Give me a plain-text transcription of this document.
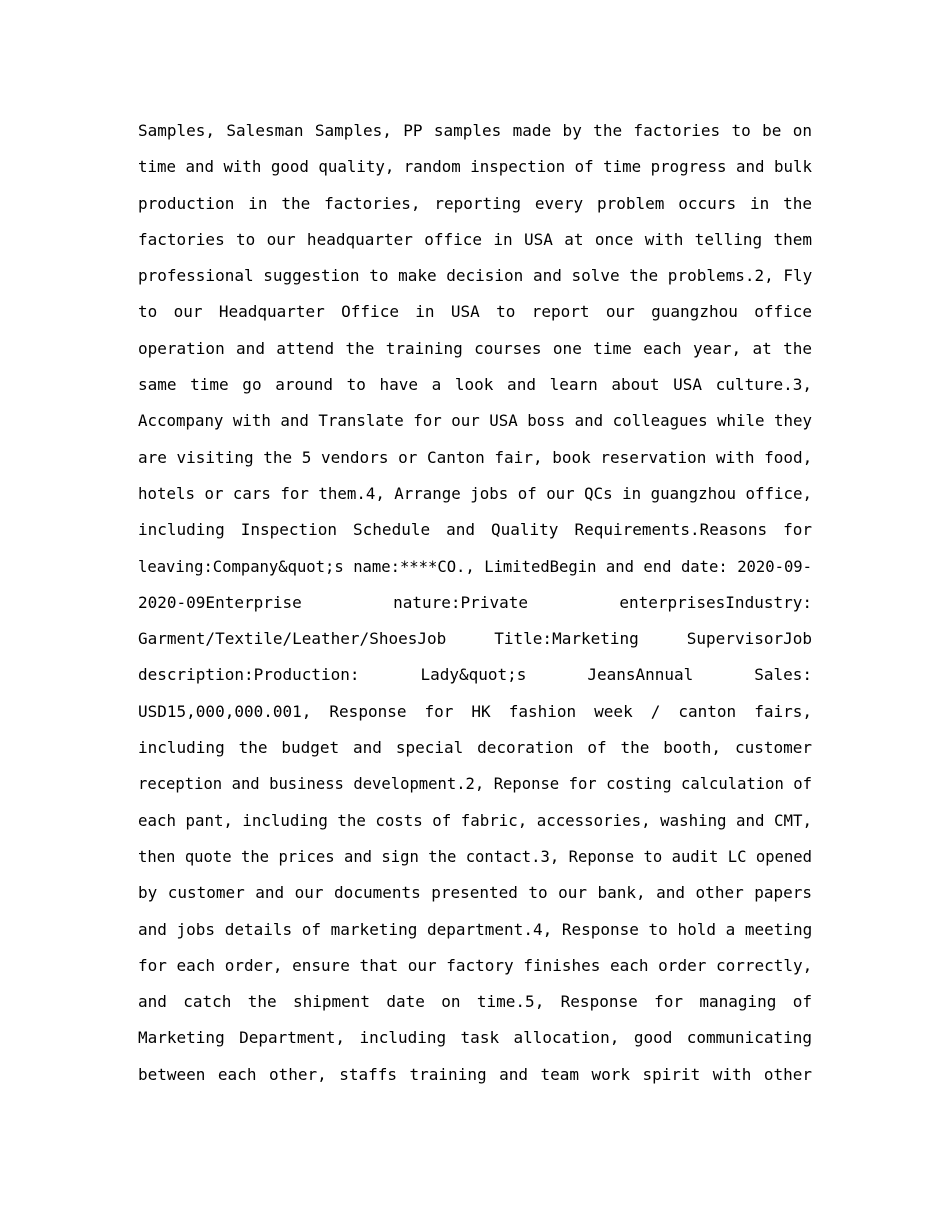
Samples, Salesman Samples, PP samples made by the factories to be on
time and with good quality, random inspection of time progress and bulk
production in the factories, reporting every problem occurs in the
factories to our headquarter office in USA at once with telling them
professional suggestion to make decision and solve the problems.2, Fly
to our Headquarter Office in USA to report our guangzhou office
operation and attend the training courses one time each year, at the
same time go around to have a look and learn about USA culture.3,
Accompany with and Translate for our USA boss and colleagues while they
are visiting the 5 vendors or Canton fair, book reservation with food,
hotels or cars for them.4, Arrange jobs of our QCs in guangzhou office,
including Inspection Schedule and Quality Requirements.Reasons for
leaving:Company&quot;s name:****CO., LimitedBegin and end date: 2020-09-
2020-09Enterprise nature:Private enterprisesIndustry:
Garment/Textile/Leather/ShoesJob Title:Marketing SupervisorJob
description:Production: Lady&quot;s JeansAnnual Sales:
USD15,000,000.001, Response for HK fashion week / canton fairs,
including the budget and special decoration of the booth, customer
reception and business development.2, Reponse for costing calculation of
each pant, including the costs of fabric, accessories, washing and CMT,
then quote the prices and sign the contact.3, Reponse to audit LC opened
by customer and our documents presented to our bank, and other papers
and jobs details of marketing department.4, Response to hold a meeting
for each order, ensure that our factory finishes each order correctly,
and catch the shipment date on time.5, Response for managing of
Marketing Department, including task allocation, good communicating
between each other, staffs training and team work spirit with other
